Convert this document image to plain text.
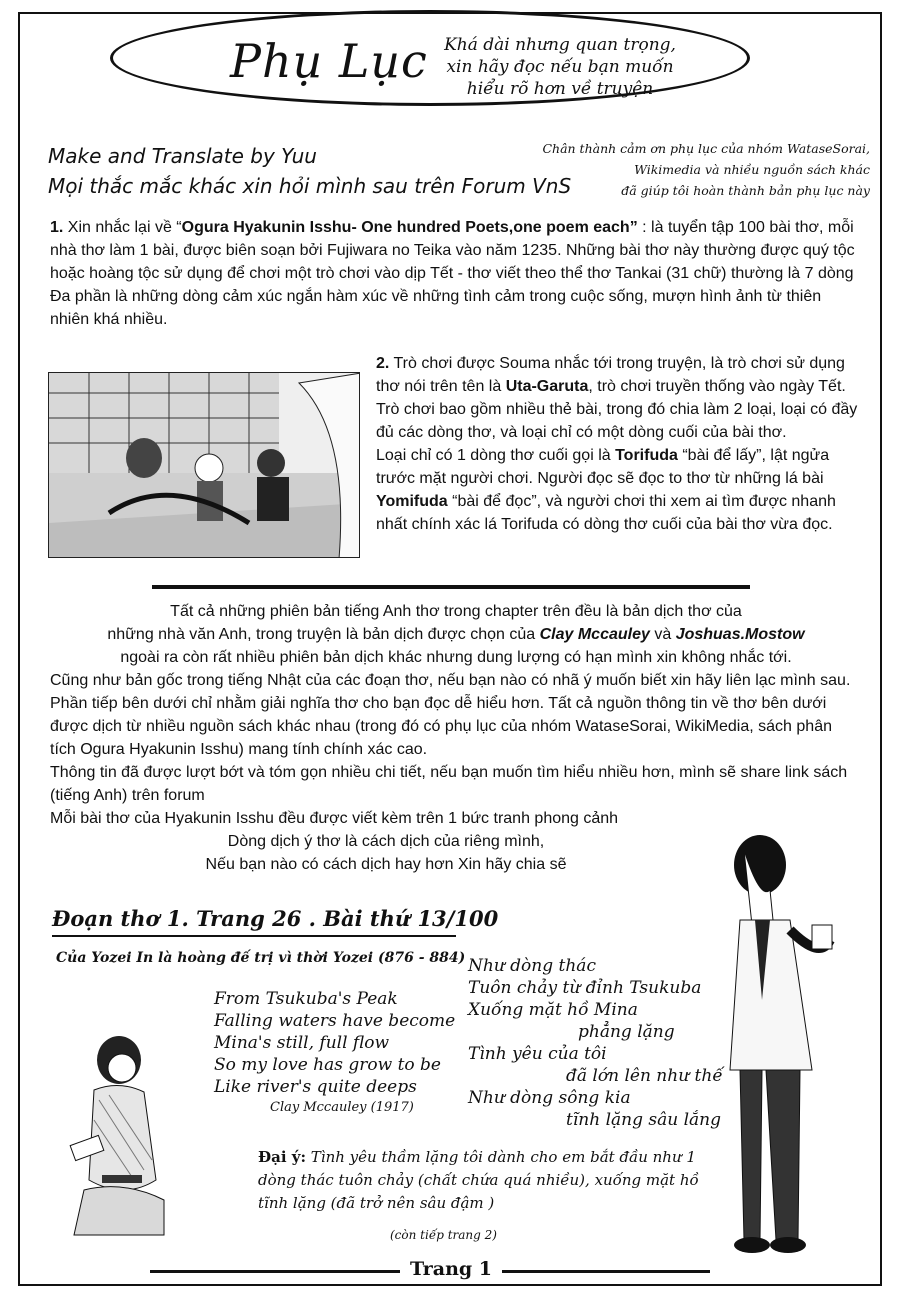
Phụ Lục Khá dài nhưng quan trọng,
xin hãy đọc nếu bạn muốn
hiểu rõ hơn về truyện
Make and Translate by Yuu
Mọi thắc mắc khác xin hỏi mình sau trên Forum VnS
Chân thành cảm ơn phụ lục của nhóm WataseSorai,
Wikimedia và nhiều nguồn sách khác
đã giúp tôi hoàn thành bản phụ lục này
1. Xin nhắc lại về “Ogura Hyakunin Isshu- One hundred Poets,one poem each” : là tuyển tập 100 bài thơ, mỗi nhà thơ làm 1 bài, được biên soạn bởi Fujiwara no Teika vào năm 1235. Những bài thơ này thường được quý tộc hoặc hoàng tộc sử dụng để chơi một trò chơi vào dịp Tết - thơ viết theo thể thơ Tankai (31 chữ) thường là 7 dòng
Đa phần là những dòng cảm xúc ngắn hàm xúc về những tình cảm trong cuộc sống, mượn hình ảnh từ thiên nhiên khá nhiều.
2. Trò chơi được Souma nhắc tới trong truyện, là trò chơi sử dụng thơ nói trên tên là Uta-Garuta, trò chơi truyền thống vào ngày Tết. Trò chơi bao gồm nhiều thẻ bài, trong đó chia làm 2 loại, loại có đầy đủ các dòng thơ, và loại chỉ có một dòng cuối của bài thơ.
Loại chỉ có 1 dòng thơ cuối gọi là Torifuda “bài để lấy”, lật ngửa trước mặt người chơi. Người đọc sẽ đọc to thơ từ những lá bài Yomifuda “bài để đọc”, và người chơi thi xem ai tìm được nhanh nhất chính xác lá Torifuda có dòng thơ cuối của bài thơ vừa đọc.
Tất cả những phiên bản tiếng Anh thơ trong chapter trên đều là bản dịch thơ của
những nhà văn Anh, trong truyện là bản dịch được chọn của Clay Mccauley và Joshuas.Mostow
ngoài ra còn rất nhiều phiên bản dịch khác nhưng dung lượng có hạn mình xin không nhắc tới.
Cũng như bản gốc trong tiếng Nhật của các đoạn thơ, nếu bạn nào có nhã ý muốn biết xin hãy liên lạc mình sau. Phần tiếp bên dưới chỉ nhằm giải nghĩa thơ cho bạn đọc dễ hiểu hơn. Tất cả nguồn thông tin về thơ bên dưới được dịch từ nhiều nguồn sách khác nhau (trong đó có phụ lục của nhóm WataseSorai, WikiMedia, sách phân tích Ogura Hyakunin Isshu) mang tính chính xác cao.
Thông tin đã được lượt bớt và tóm gọn nhiều chi tiết, nếu bạn muốn tìm hiểu nhiều hơn, mình sẽ share link sách (tiếng Anh) trên forum
Mỗi bài thơ của Hyakunin Isshu đều được viết kèm trên 1 bức tranh phong cảnh
Dòng dịch ý thơ là cách dịch của riêng mình,
Nếu bạn nào có cách dịch hay hơn Xin hãy chia sẽ
Đoạn thơ 1. Trang 26 . Bài thứ 13/100
Của Yozei In là hoàng đế trị vì thời Yozei (876 - 884)
From Tsukuba's Peak
Falling waters have become
Mina's still, full flow
So my love has grow to be
Like river's quite deeps
Clay Mccauley (1917)
Như dòng thác
Tuôn chảy từ đỉnh Tsukuba
Xuống mặt hồ Mina
phẳng lặng
Tình yêu của tôi
đã lớn lên như thế
Như dòng sông kia
tĩnh lặng sâu lắng
Đại ý: Tình yêu thầm lặng tôi dành cho em bắt đầu như 1 dòng thác tuôn chảy (chất chứa quá nhiều), xuống mặt hồ tĩnh lặng (đã trở nên sâu đậm )
(còn tiếp trang 2)
Trang 1
